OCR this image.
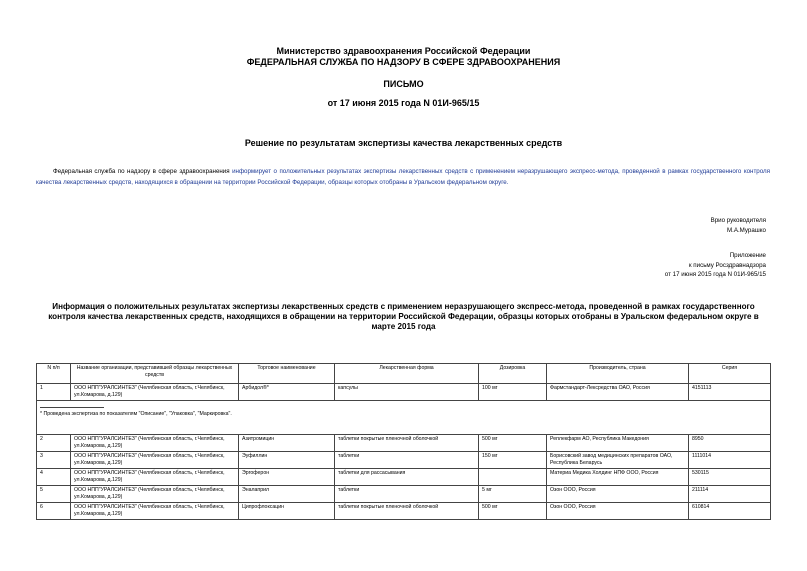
Министерство здравоохранения Российской Федерации
ФЕДЕРАЛЬНАЯ СЛУЖБА ПО НАДЗОРУ В СФЕРЕ ЗДРАВООХРАНЕНИЯ
ПИСЬМО
от 17 июня 2015 года N 01И-965/15
Решение по результатам экспертизы качества лекарственных средств
Федеральная служба по надзору в сфере здравоохранения информирует о положительных результатах экспертизы лекарственных средств с применением неразрушающего экспресс-метода, проведенной в рамках государственного контроля качества лекарственных средств, находящихся в обращении на территории Российской Федерации, образцы которых отобраны в Уральском федеральном округе.
Врио руководителя
М.А.Мурашко
Приложение
к письму Росздравнадзора
от 17 июня 2015 года N 01И-965/15
Информация о положительных результатах экспертизы лекарственных средств с применением неразрушающего экспресс-метода, проведенной в рамках государственного контроля качества лекарственных средств, находящихся в обращении на территории Российской Федерации, образцы которых отобраны в Уральском федеральном округе в марте 2015 года
N п/п	Название организации, представившей образцы лекарственных средств	Торговое наименование	Лекарственная форма	Дозировка	Производитель, страна	Серия
1	ООО НПП"УРАЛСИНТЕЗ" (Челябинская область, г.Челябинск, ул.Комарова, д.129)	Арбидол®*	капсулы	100 мг	Фармстандарт-Лексредства ОАО, Россия	4151113

* Проведена экспертиза по показателям "Описание", "Упаковка", "Маркировка".						
2	ООО НПП"УРАЛСИНТЕЗ" (Челябинская область, г.Челябинск, ул.Комарова, д.129)	Азитромицин	таблетки покрытые пленочной оболочкой	500 мг	Реплекфарм АО, Республика Македония	8950
3	ООО НПП"УРАЛСИНТЕЗ" (Челябинская область, г.Челябинск, ул.Комарова, д.129)	Эуфиллин	таблетки	150 мг	Борисовский завод медицинских препаратов ОАО, Республика Беларусь	1111014
4	ООО НПП"УРАЛСИНТЕЗ" (Челябинская область, г.Челябинск, ул.Комарова, д.129)	Эргоферон	таблетки для рассасывания		Материа Медика Холдинг НПФ ООО, Россия	530115
5	ООО НПП"УРАЛСИНТЕЗ" (Челябинская область, г.Челябинск, ул.Комарова, д.129)	Эналаприл	таблетки	5 мг	Озон ООО, Россия	211114
6	ООО НПП"УРАЛСИНТЕЗ" (Челябинская область, г.Челябинск, ул.Комарова, д.129)	Ципрофлоксацин	таблетки покрытые пленочной оболочкой	500 мг	Озон ООО, Россия	610814
